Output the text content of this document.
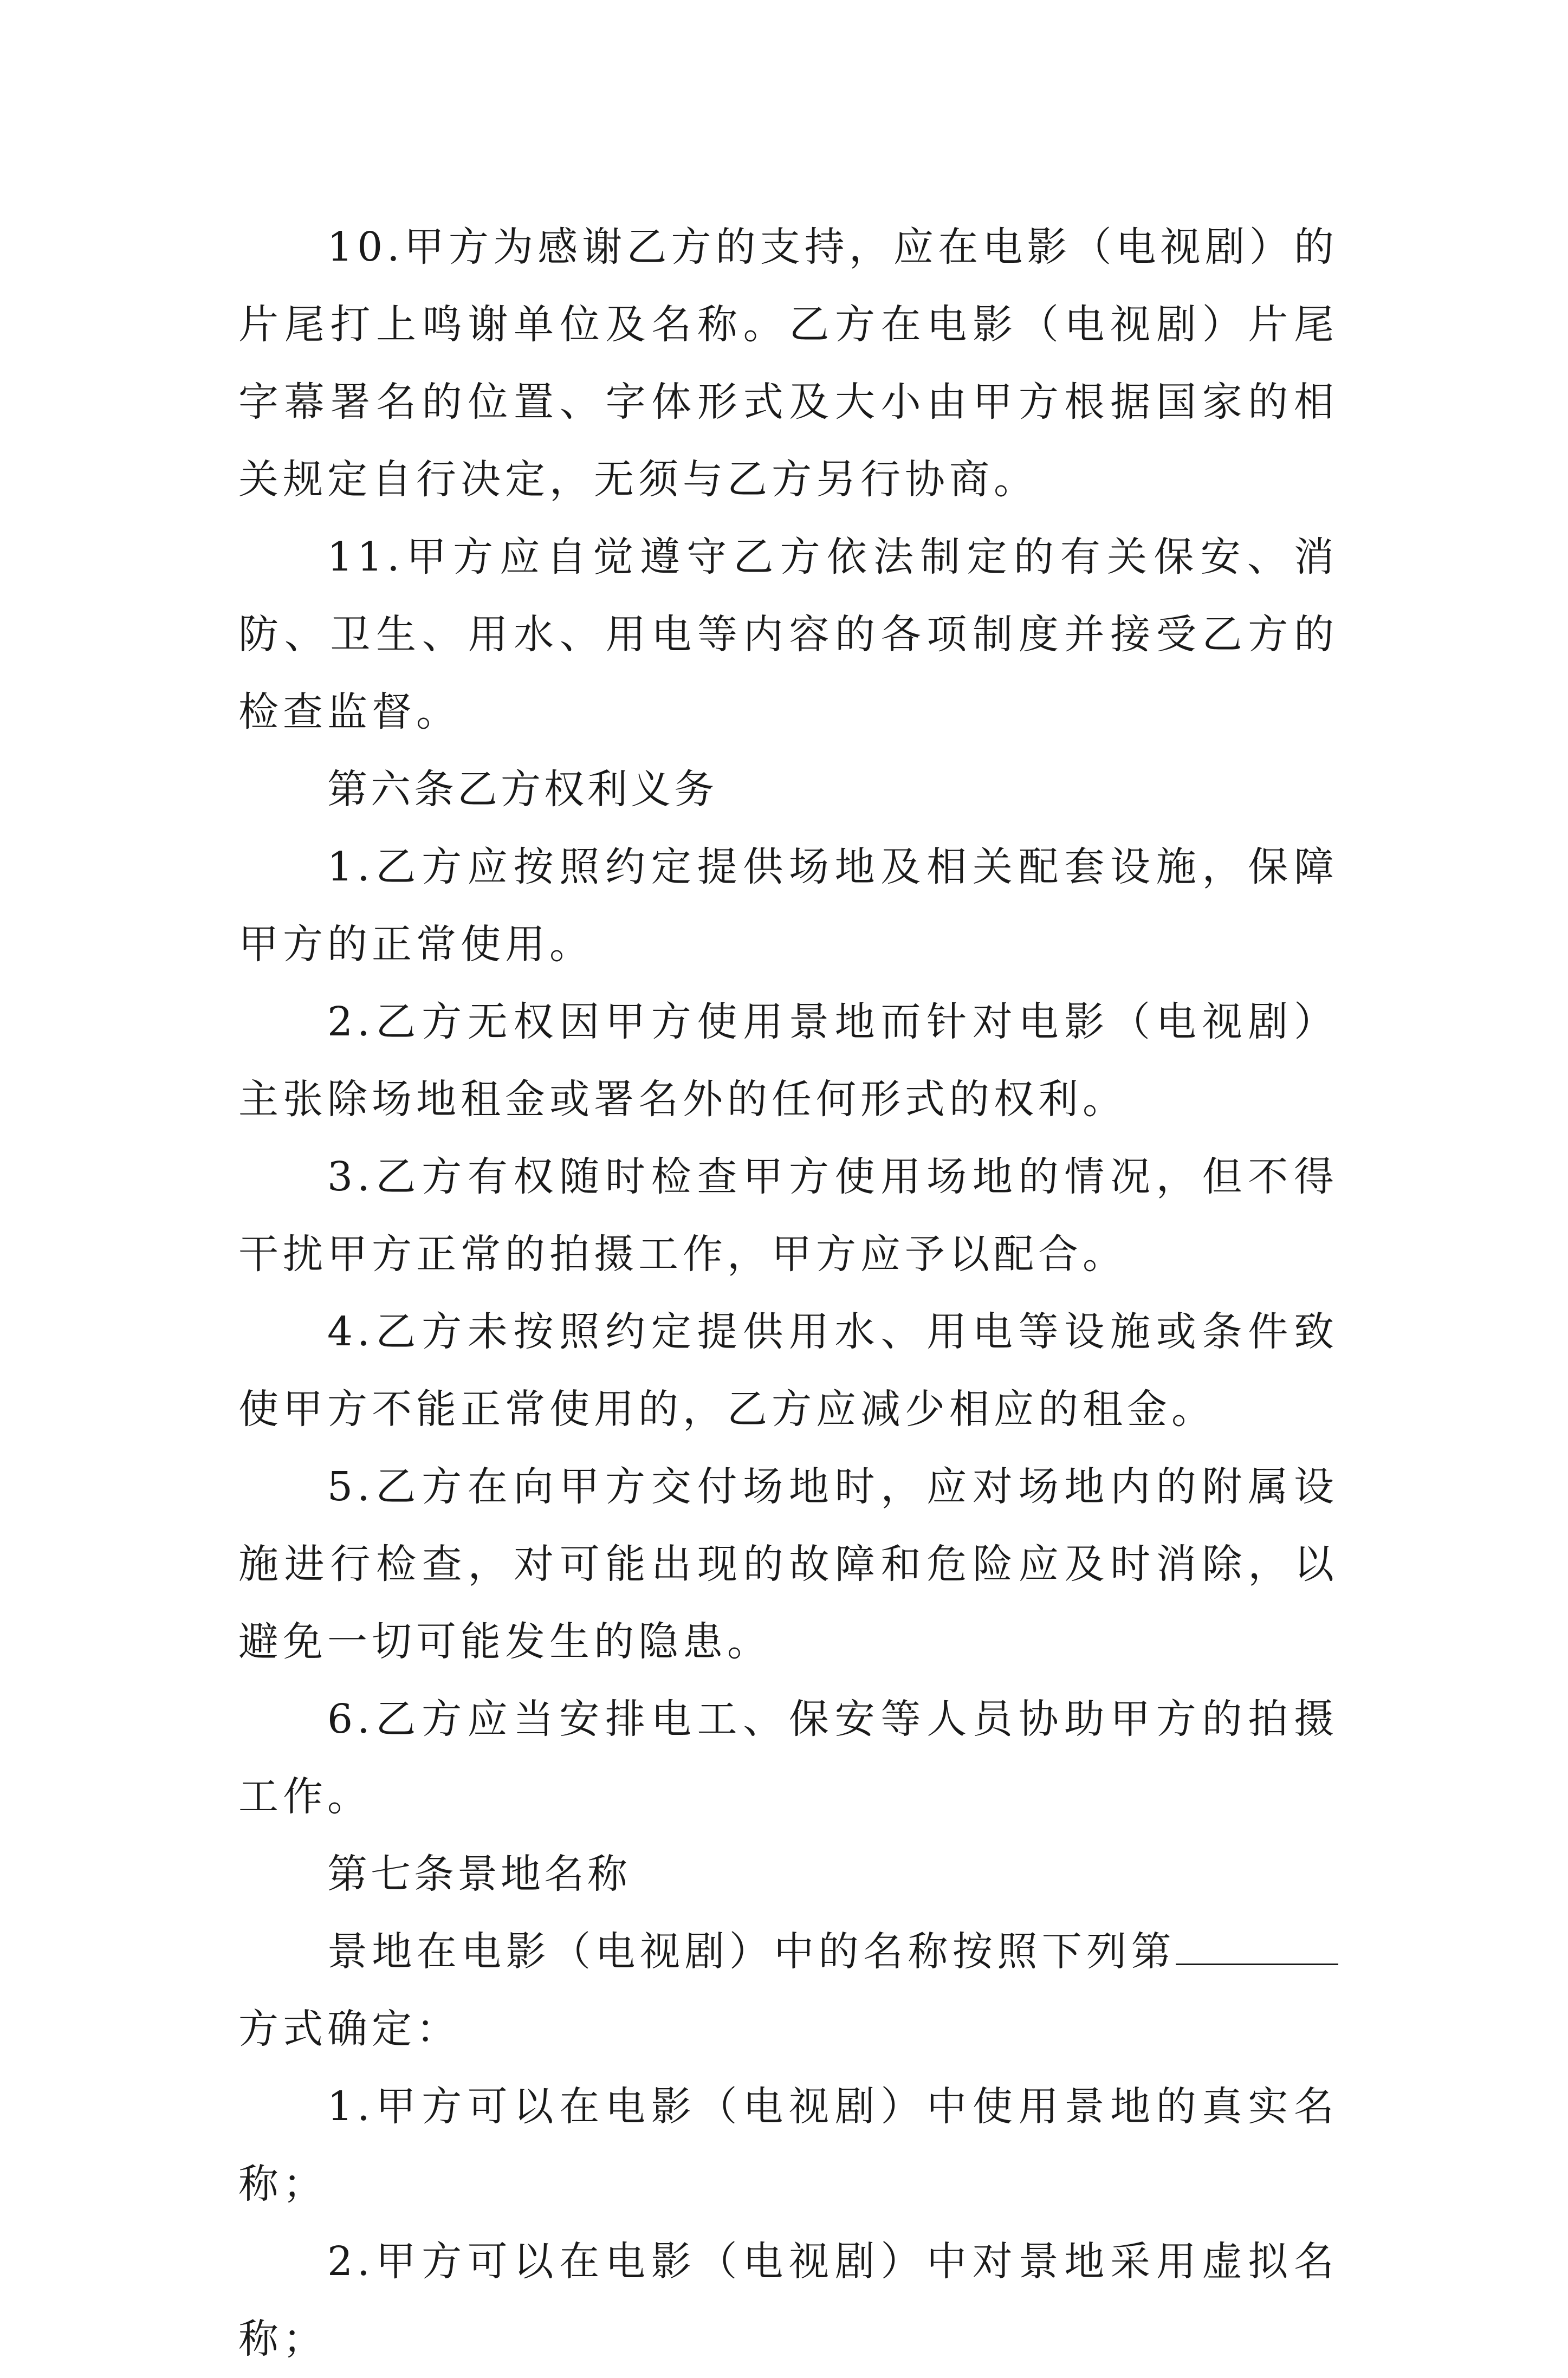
10.甲方为感谢乙方的支持，应在电影（电视剧）的片尾打上鸣谢单位及名称。乙方在电影（电视剧）片尾字幕署名的位置、字体形式及大小由甲方根据国家的相关规定自行决定，无须与乙方另行协商。

11.甲方应自觉遵守乙方依法制定的有关保安、消防、卫生、用水、用电等内容的各项制度并接受乙方的检查监督。

第六条乙方权利义务

1.乙方应按照约定提供场地及相关配套设施，保障甲方的正常使用。

2.乙方无权因甲方使用景地而针对电影（电视剧）主张除场地租金或署名外的任何形式的权利。

3.乙方有权随时检查甲方使用场地的情况，但不得干扰甲方正常的拍摄工作，甲方应予以配合。

4.乙方未按照约定提供用水、用电等设施或条件致使甲方不能正常使用的，乙方应减少相应的租金。

5.乙方在向甲方交付场地时，应对场地内的附属设施进行检查，对可能出现的故障和危险应及时消除，以避免一切可能发生的隐患。

6.乙方应当安排电工、保安等人员协助甲方的拍摄工作。

第七条景地名称

景地在电影（电视剧）中的名称按照下列第方式确定：

1.甲方可以在电影（电视剧）中使用景地的真实名称；

2.甲方可以在电影（电视剧）中对景地采用虚拟名称；
